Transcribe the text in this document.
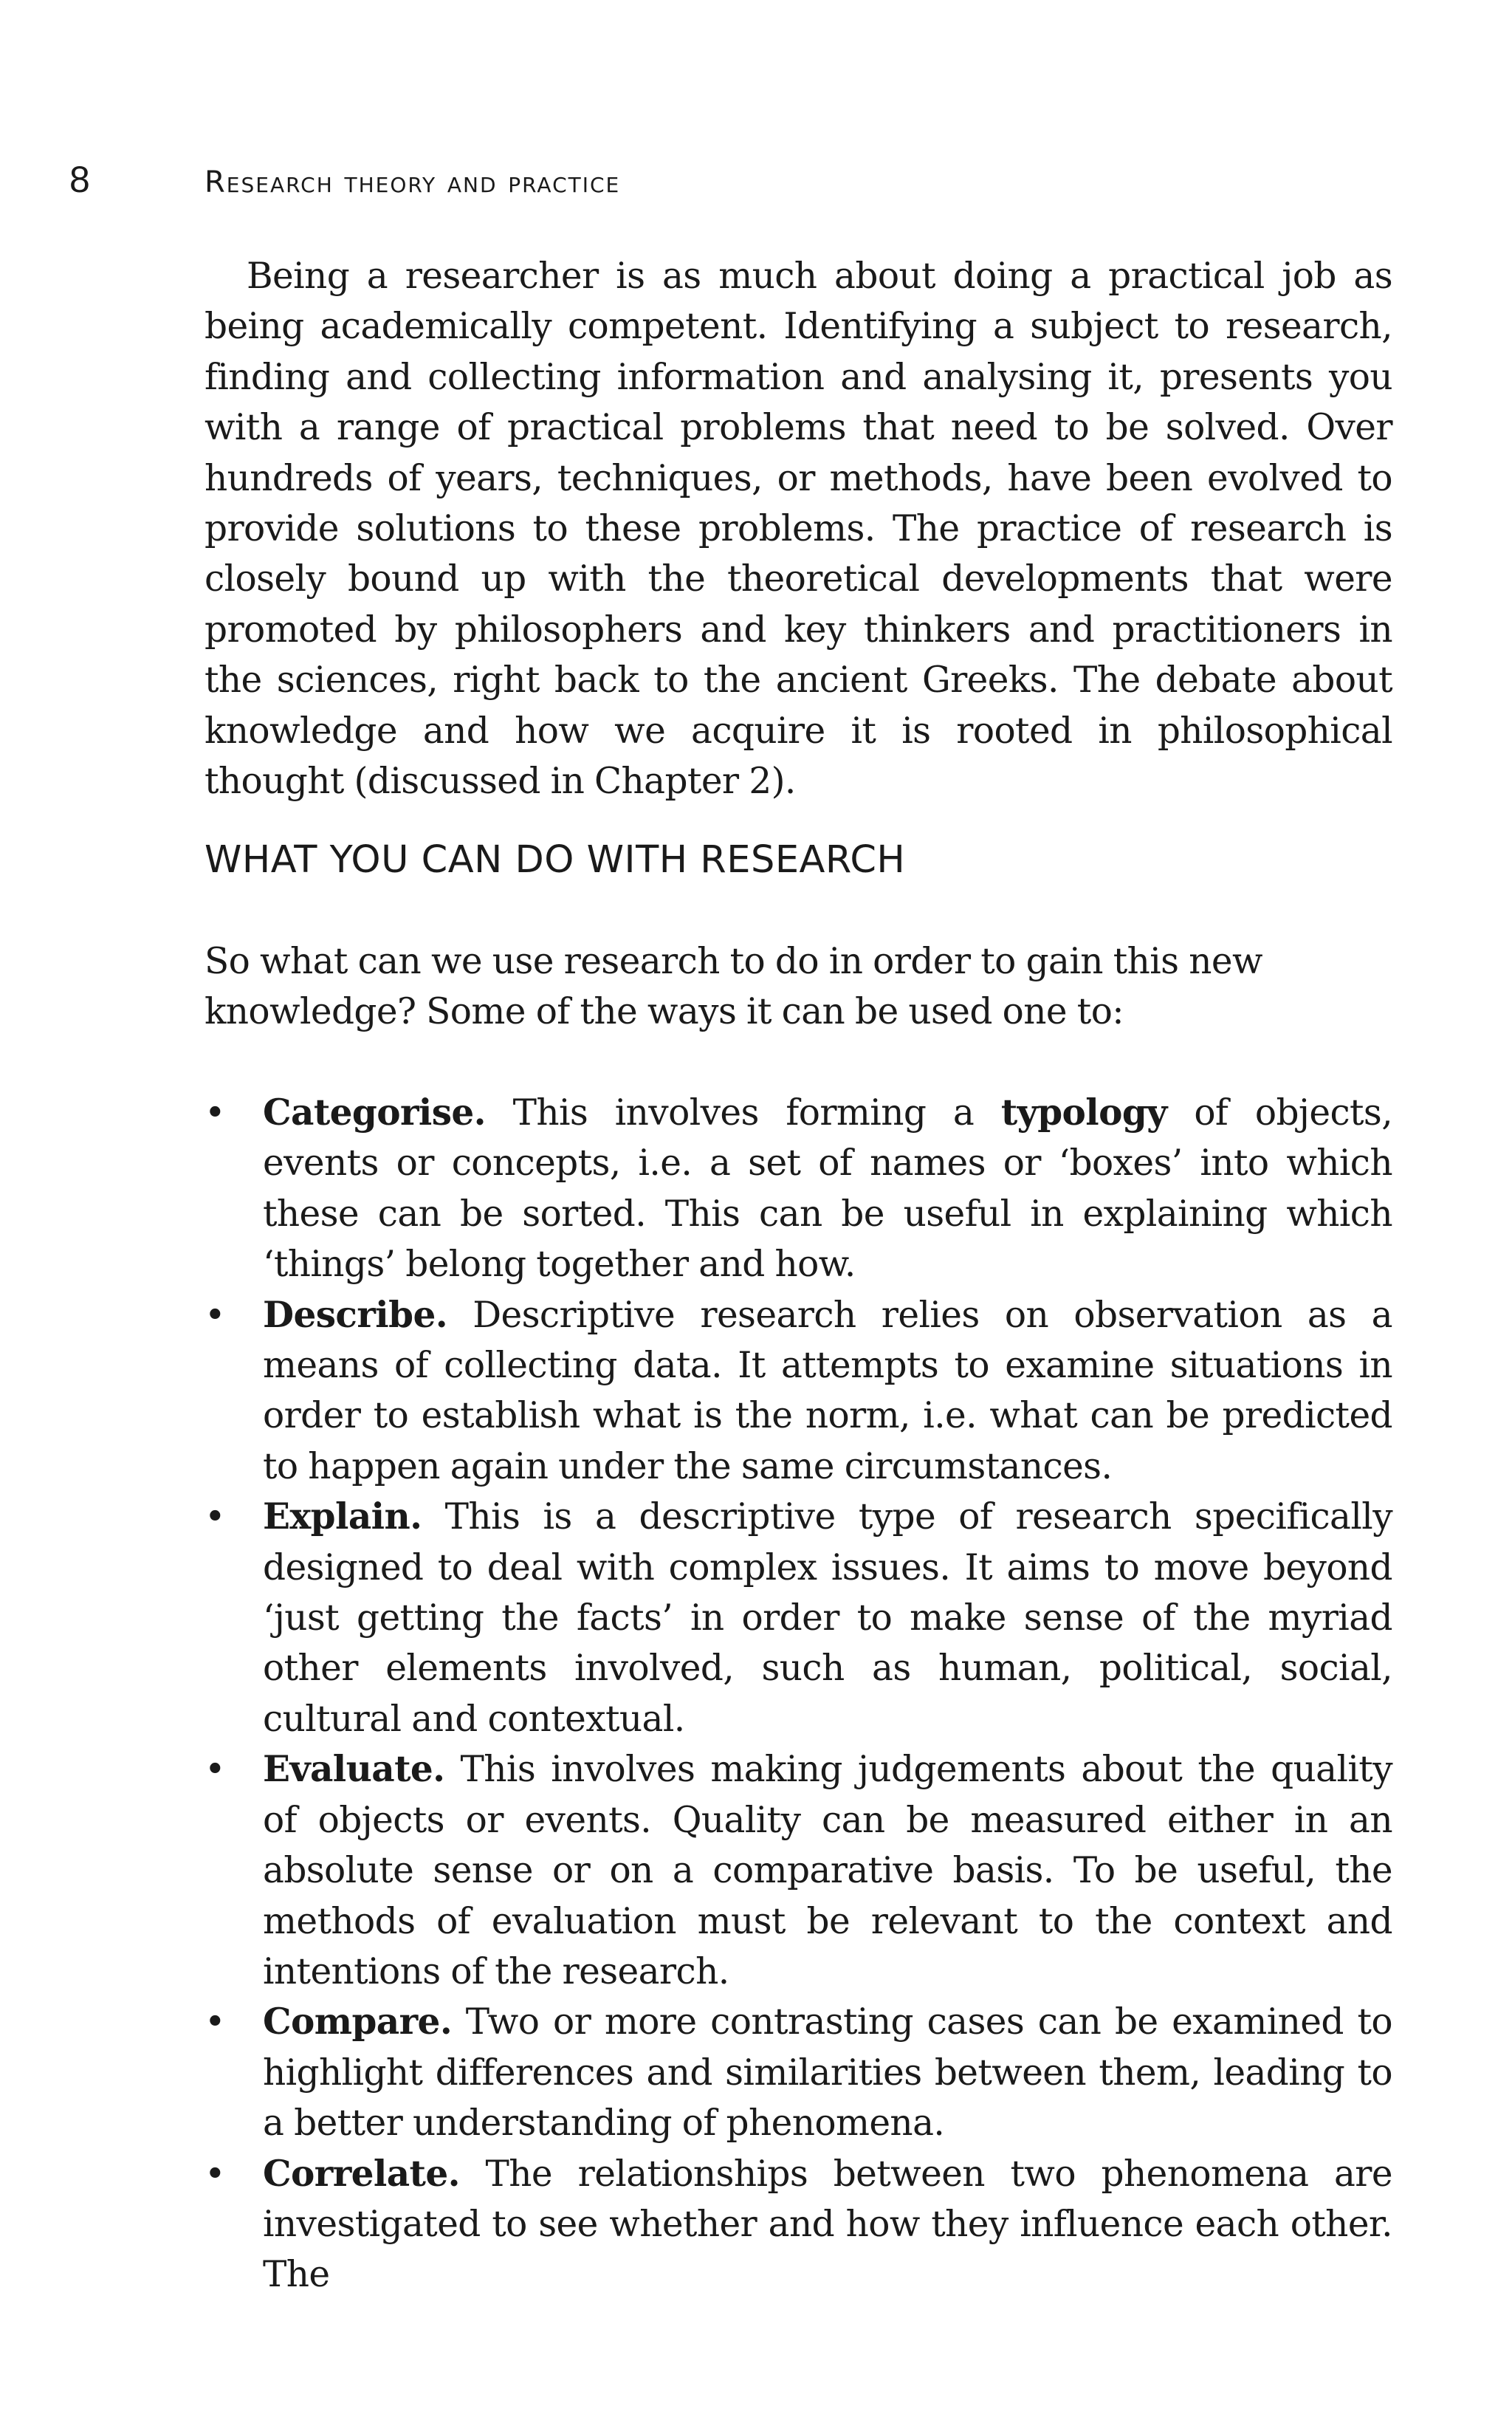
8	Research theory and practice

Being a researcher is as much about doing a practical job as being academically competent. Identifying a subject to research, finding and collecting information and analysing it, presents you with a range of practical problems that need to be solved. Over hundreds of years, techniques, or methods, have been evolved to provide solutions to these problems. The practice of research is closely bound up with the theoretical developments that were promoted by philosophers and key thinkers and practitioners in the sciences, right back to the ancient Greeks. The debate about knowledge and how we acquire it is rooted in philosophical thought (discussed in Chapter 2).

WHAT YOU CAN DO WITH RESEARCH

So what can we use research to do in order to gain this new knowledge? Some of the ways it can be used one to:

• Categorise. This involves forming a typology of objects, events or concepts, i.e. a set of names or ‘boxes’ into which these can be sorted. This can be useful in explaining which ‘things’ belong together and how.
• Describe. Descriptive research relies on observation as a means of collecting data. It attempts to examine situations in order to establish what is the norm, i.e. what can be predicted to happen again under the same circumstances.
• Explain. This is a descriptive type of research specifically designed to deal with complex issues. It aims to move beyond ‘just getting the facts’ in order to make sense of the myriad other elements involved, such as human, political, social, cultural and contextual.
• Evaluate. This involves making judgements about the quality of objects or events. Quality can be measured either in an absolute sense or on a comparative basis. To be useful, the methods of evaluation must be relevant to the context and intentions of the research.
• Compare. Two or more contrasting cases can be examined to highlight differences and similarities between them, leading to a better understanding of phenomena.
• Correlate. The relationships between two phenomena are investigated to see whether and how they influence each other. The
